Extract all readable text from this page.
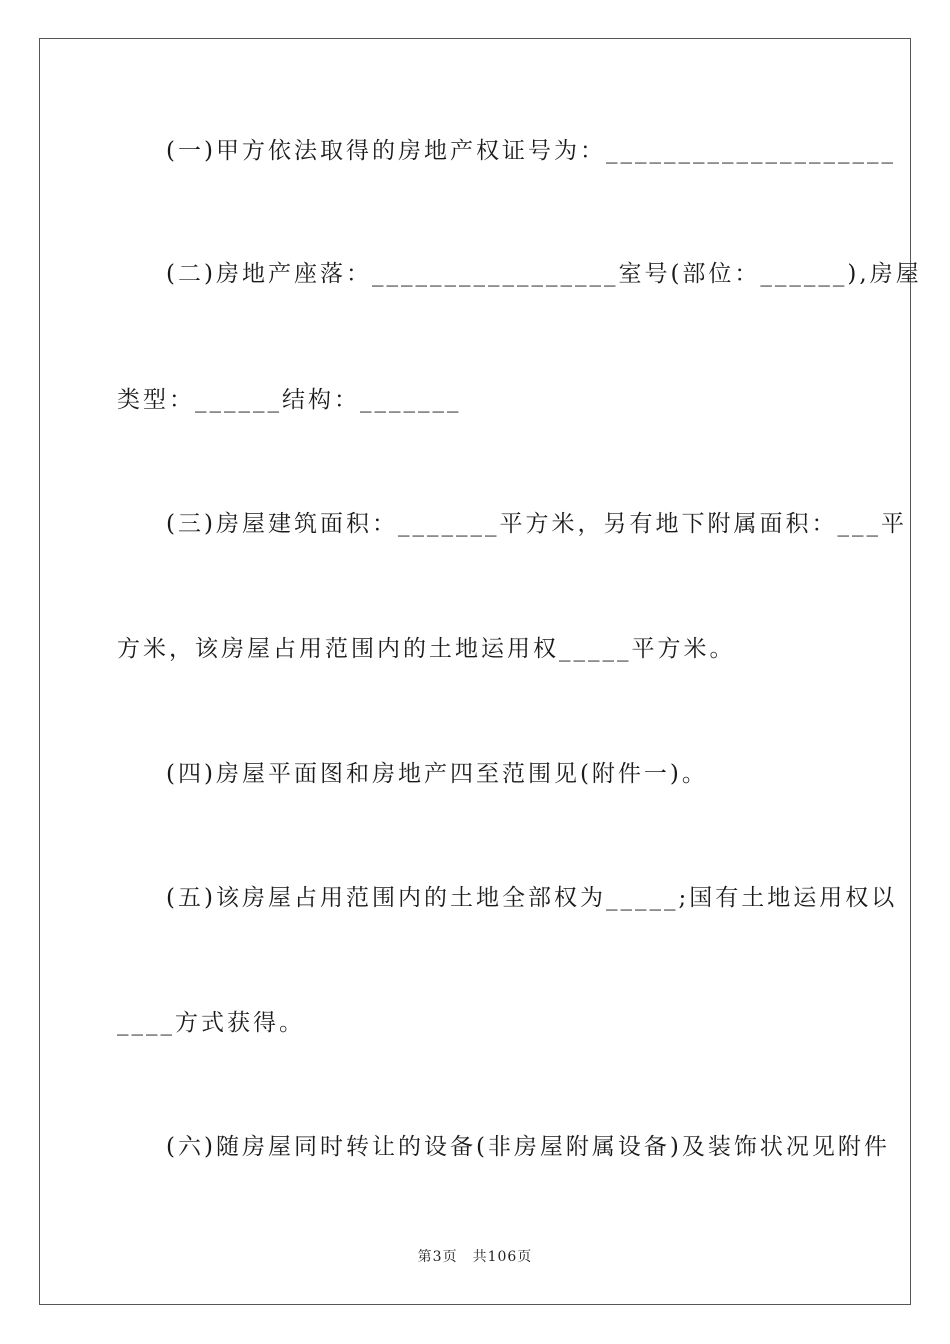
(一)甲方依法取得的房地产权证号为：____________________
(二)房地产座落：_________________室号(部位：______),房屋
类型：______结构：_______
(三)房屋建筑面积：_______平方米，另有地下附属面积：___平
方米，该房屋占用范围内的土地运用权_____平方米。
(四)房屋平面图和房地产四至范围见(附件一)。
(五)该房屋占用范围内的土地全部权为_____;国有土地运用权以
____方式获得。
(六)随房屋同时转让的设备(非房屋附属设备)及装饰状况见附件
第3页　共106页
